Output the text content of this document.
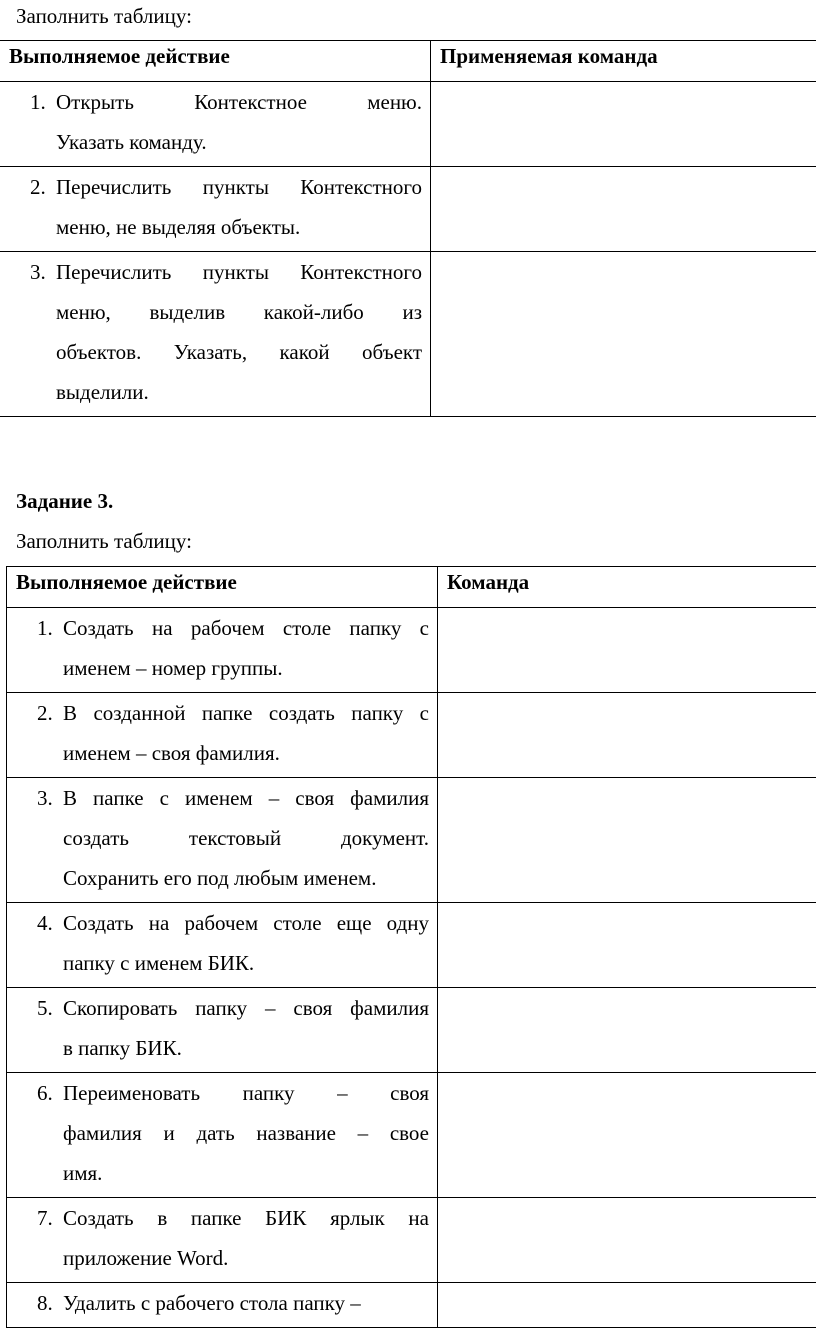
Заполнить таблицу:
Выполняемое действие	Применяемая команда

1. Открыть Контекстное меню.
Указать команду.	

2. Перечислить пункты Контекстного
меню, не выделяя объекты.	

3. Перечислить пункты Контекстного
меню, выделив какой-либо из
объектов. Указать, какой объект
выделили.	

Задание 3.
Заполнить таблицу:
Выполняемое действие	Команда

1. Создать на рабочем столе папку с
именем – номер группы.	

2. В созданной папке создать папку с
именем – своя фамилия.	

3. В папке с именем – своя фамилия
создать текстовый документ.
Сохранить его под любым именем.	

4. Создать на рабочем столе еще одну
папку с именем БИК.	

5. Скопировать папку – своя фамилия
в папку БИК.	

6. Переименовать папку – своя
фамилия и дать название – свое
имя.	

7. Создать в папке БИК ярлык на
приложение Word.	

8. Удалить с рабочего стола папку –	
